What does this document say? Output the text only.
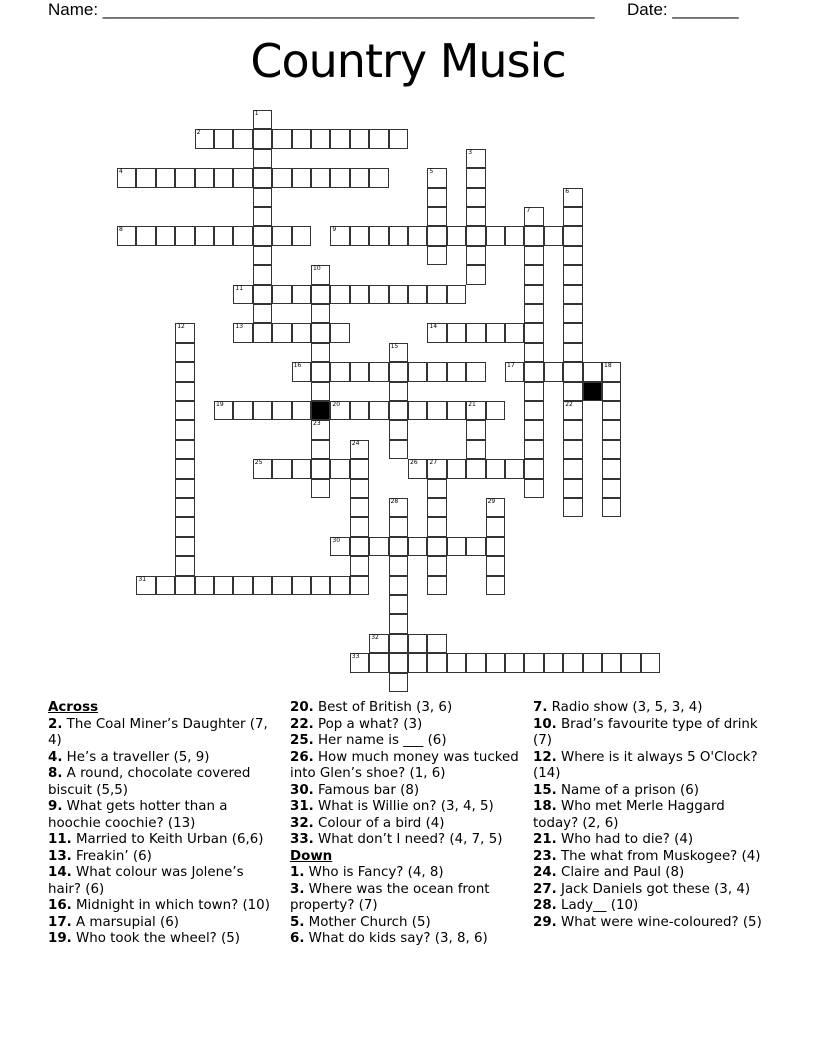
Name: ____________________________________________________ Date: _______
Country Music
1
2
3
4	5
6
22
7
8	9
10
11
12	13	14
15
16	17	18
19	20	21
23
24
25	26 27
28	29
30
31
32
33
Across
2. The Coal Miner’s Daughter (7, 4)
4. He’s a traveller (5, 9)
8. A round, chocolate covered biscuit (5,5)
9. What gets hotter than a hoochie coochie? (13)
11. Married to Keith Urban (6,6)
13. Freakin’ (6)
14. What colour was Jolene’s hair? (6)
16. Midnight in which town? (10)
17. A marsupial (6)
19. Who took the wheel? (5)
20. Best of British (3, 6)
22. Pop a what? (3)
25. Her name is ___ (6)
26. How much money was tucked into Glen’s shoe? (1, 6)
30. Famous bar (8)
31. What is Willie on? (3, 4, 5)
32. Colour of a bird (4)
33. What don’t I need? (4, 7, 5)
Down
1. Who is Fancy? (4, 8)
3. Where was the ocean front property? (7)
5. Mother Church (5)
6. What do kids say? (3, 8, 6)
7. Radio show (3, 5, 3, 4)
10. Brad’s favourite type of drink (7)
12. Where is it always 5 O'Clock? (14)
15. Name of a prison (6)
18. Who met Merle Haggard today? (2, 6)
21. Who had to die? (4)
23. The what from Muskogee? (4)
24. Claire and Paul (8)
27. Jack Daniels got these (3, 4)
28. Lady__ (10)
29. What were wine-coloured? (5)
